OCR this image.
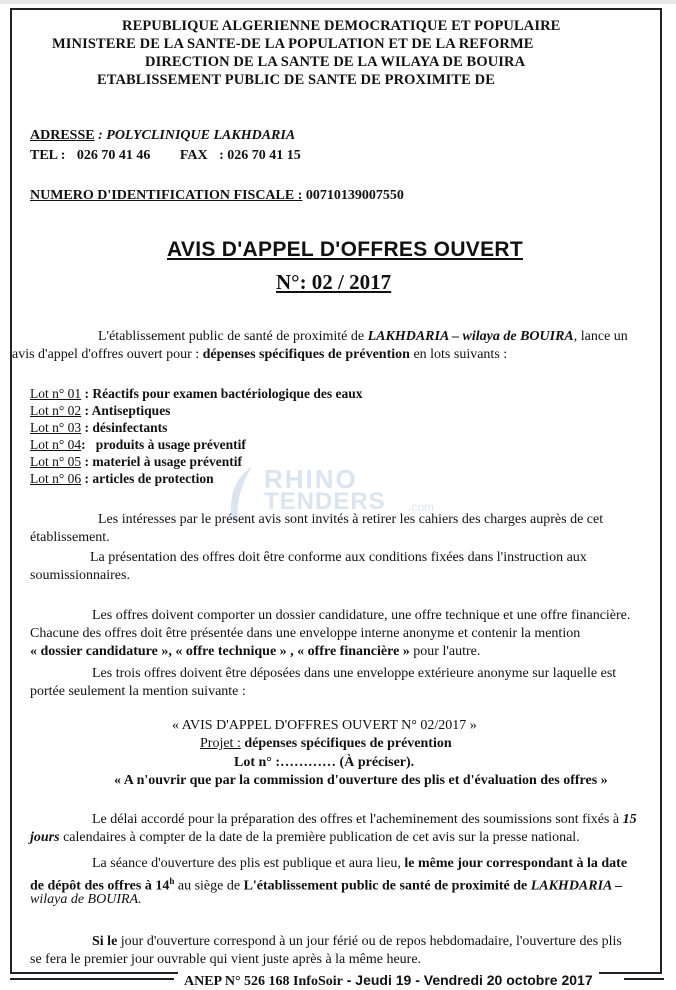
REPUBLIQUE ALGERIENNE DEMOCRATIQUE ET POPULAIRE
MINISTERE DE LA SANTE-DE LA POPULATION ET DE LA REFORME
DIRECTION DE LA SANTE DE LA WILAYA DE BOUIRA
ETABLISSEMENT PUBLIC DE SANTE DE PROXIMITE DE
ADRESSE : POLYCLINIQUE LAKHDARIA
TEL : 026 70 41 46 FAX : 026 70 41 15
NUMERO D'IDENTIFICATION FISCALE : 00710139007550
AVIS D'APPEL D'OFFRES OUVERT
N°: 02 / 2017
L'établissement public de santé de proximité de LAKHDARIA – wilaya de BOUIRA, lance un
avis d'appel d'offres ouvert pour : dépenses spécifiques de prévention en lots suivants :
Lot n° 01 : Réactifs pour examen bactériologique des eaux
Lot n° 02 : Antiseptiques
Lot n° 03 : désinfectants
Lot n° 04:   produits à usage préventif
Lot n° 05 : materiel à usage préventif
Lot n° 06 : articles de protection RHINO
TENDERS .com
Les intéresses par le présent avis sont invités à retirer les cahiers des charges auprès de cet
établissement.
La présentation des offres doit être conforme aux conditions fixées dans l'instruction aux
soumissionnaires.
Les offres doivent comporter un dossier candidature, une offre technique et une offre financière.
Chacune des offres doit être présentée dans une enveloppe interne anonyme et contenir la mention
« dossier candidature », « offre technique » , « offre financière » pour l'autre.
Les trois offres doivent être déposées dans une enveloppe extérieure anonyme sur laquelle est
portée seulement la mention suivante :
« AVIS D'APPEL D'OFFRES OUVERT N° 02/2017 »
Projet : dépenses spécifiques de prévention
Lot n° :………… (À préciser).
« A n'ouvrir que par la commission d'ouverture des plis et d'évaluation des offres »
Le délai accordé pour la préparation des offres et l'acheminement des soumissions sont fixés à 15
jours calendaires à compter de la date de la première publication de cet avis sur la presse national.
La séance d'ouverture des plis est publique et aura lieu, le même jour correspondant à la date
de dépôt des offres à 14$^h$ au siège de L'établissement public de santé de proximité de LAKHDARIA –
wilaya de BOUIRA.
Si le jour d'ouverture correspond à un jour férié ou de repos hebdomadaire, l'ouverture des plis
se fera le premier jour ouvrable qui vient juste après à la même heure.
ANEP N° 526 168 InfoSoir - Jeudi 19 - Vendredi 20 octobre 2017
